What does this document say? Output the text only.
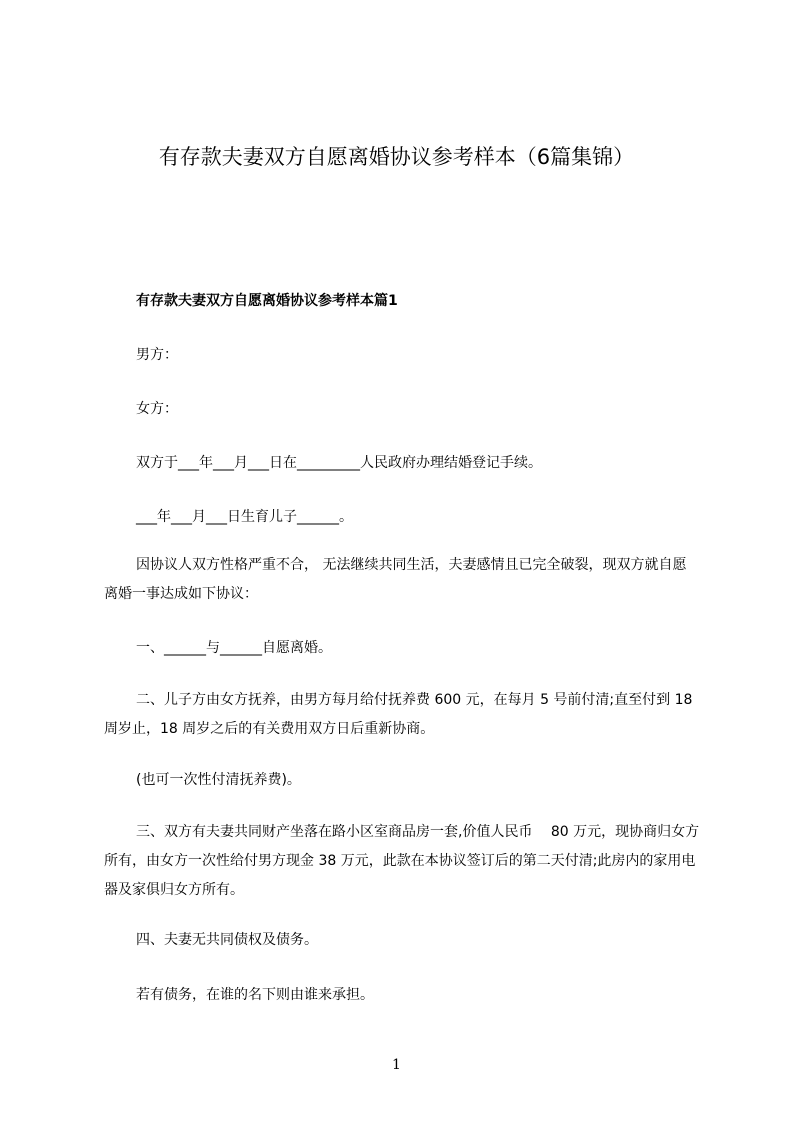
有存款夫妻双方自愿离婚协议参考样本（6篇集锦）
有存款夫妻双方自愿离婚协议参考样本篇1
男方：
女方：
双方于___年___月___日在_________人民政府办理结婚登记手续。
___年___月___日生育儿子______。
因协议人双方性格严重不合， 无法继续共同生活，夫妻感情且已完全破裂，现双方就自愿离婚一事达成如下协议：
一、______与______自愿离婚。
二、儿子方由女方抚养，由男方每月给付抚养费 600 元，在每月 5 号前付清;直至付到 18 周岁止，18 周岁之后的有关费用双方日后重新协商。
(也可一次性付清抚养费)。
三、双方有夫妻共同财产坐落在路小区室商品房一套,价值人民币　 80 万元，现协商归女方所有，由女方一次性给付男方现金 38 万元，此款在本协议签订后的第二天付清;此房内的家用电器及家俱归女方所有。
四、夫妻无共同债权及债务。
若有债务，在谁的名下则由谁来承担。
1
